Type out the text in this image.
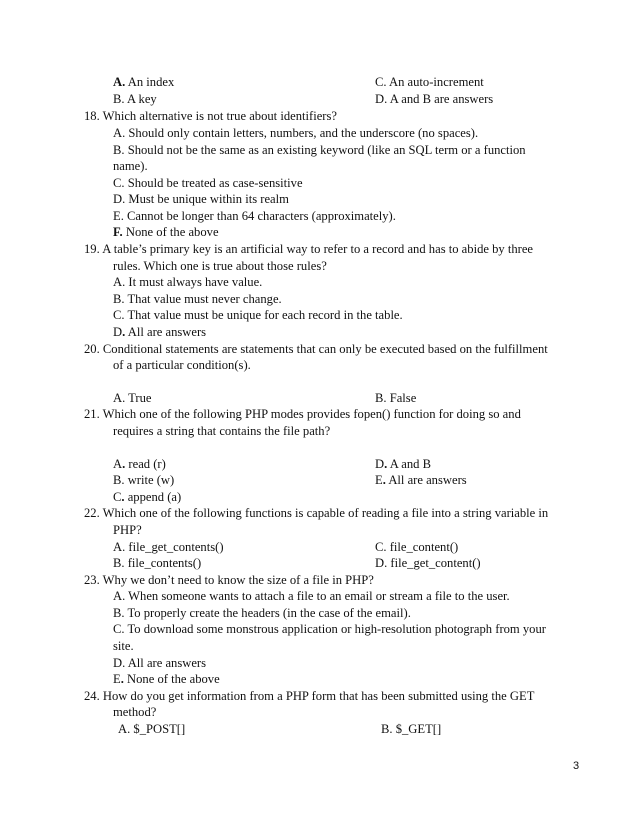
A. An index	C. An auto-increment
B. A key	D. A and B are answers
18. Which alternative is not true about identifiers?
A. Should only contain letters, numbers, and the underscore (no spaces).
B. Should not be the same as an existing keyword (like an SQL term or a function
name).
C. Should be treated as case-sensitive
D. Must be unique within its realm
E. Cannot be longer than 64 characters (approximately).
F. None of the above
19. A table’s primary key is an artificial way to refer to a record and has to abide by three
rules. Which one is true about those rules?
A. It must always have value.
B. That value must never change.
C. That value must be unique for each record in the table.
D. All are answers
20. Conditional statements are statements that can only be executed based on the fulfillment
of a particular condition(s).
A. True	B. False
21. Which one of the following PHP modes provides fopen() function for doing so and
requires a string that contains the file path?
A. read (r)	D. A and B
B. write (w)	E. All are answers
C. append (a)
22. Which one of the following functions is capable of reading a file into a string variable in
PHP?
A. file_get_contents()	C. file_content()
B. file_contents()	D. file_get_content()
23. Why we don’t need to know the size of a file in PHP?
A. When someone wants to attach a file to an email or stream a file to the user.
B. To properly create the headers (in the case of the email).
C. To download some monstrous application or high-resolution photograph from your
site.
D. All are answers
E. None of the above
24. How do you get information from a PHP form that has been submitted using the GET
method?
A. $_POST[]	B. $_GET[]
3
